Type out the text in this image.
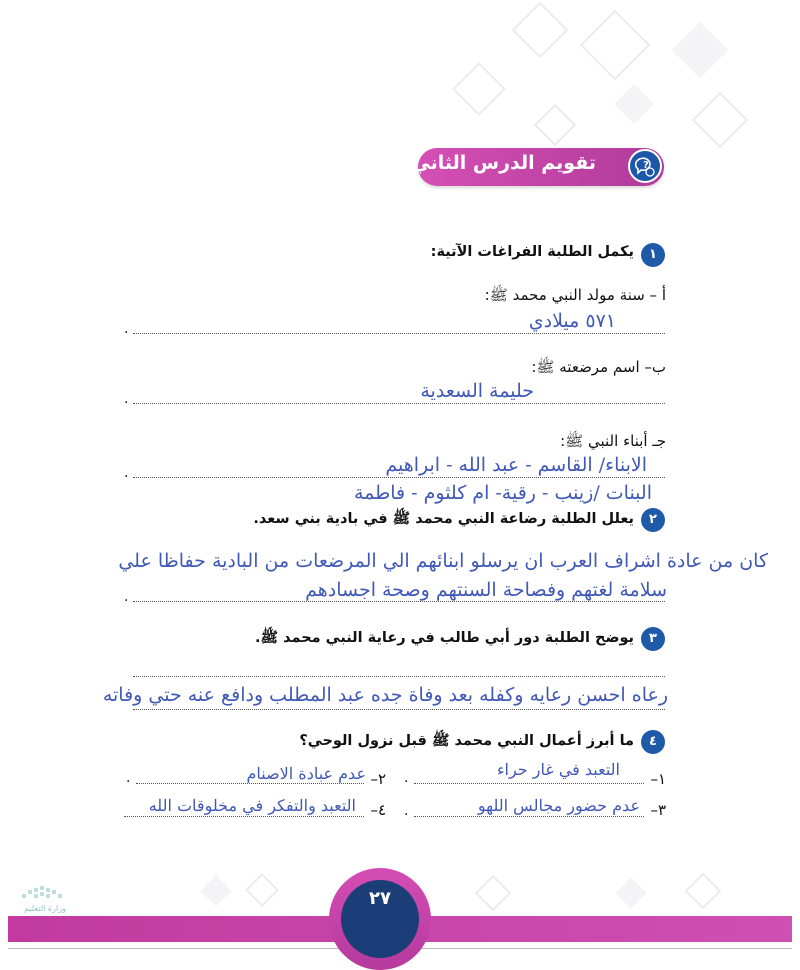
تقويم الدرس الثاني	?
١
يكمل الطلبة الفراغات الآتية:
أ – سنة مولد النبي محمد ﷺ:
٥٧١ ميلادي
.
ب– اسم مرضعته ﷺ:
حليمة السعدية
.
ج‍ـ أبناء النبي ﷺ:
الابناء/ القاسم - عبد الله - ابراهيم
.
البنات /زينب - رقية- ام كلثوم - فاطمة
٢
يعلل الطلبة رضاعة النبي محمد ﷺ في بادية بني سعد.
كان من عادة اشراف العرب ان يرسلو ابنائهم الي المرضعات من البادية حفاظا علي
سلامة لغتهم وفصاحة السنتهم وصحة اجسادهم
.
٣
يوضح الطلبة دور أبي طالب في رعاية النبي محمد ﷺ.
رعاه احسن رعايه وكفله بعد وفاة جده عبد المطلب ودافع عنه حتي وفاته
٤
ما أبرز أعمال النبي محمد ﷺ قبل نزول الوحي؟
١–
التعبد في غار حراء
.
٢–
عدم عبادة الاصنام
.
٣–
عدم حضور مجالس اللهو
.
٤–
التعبد والتفكر في مخلوقات الله
٢٧
وزارة التعليم
